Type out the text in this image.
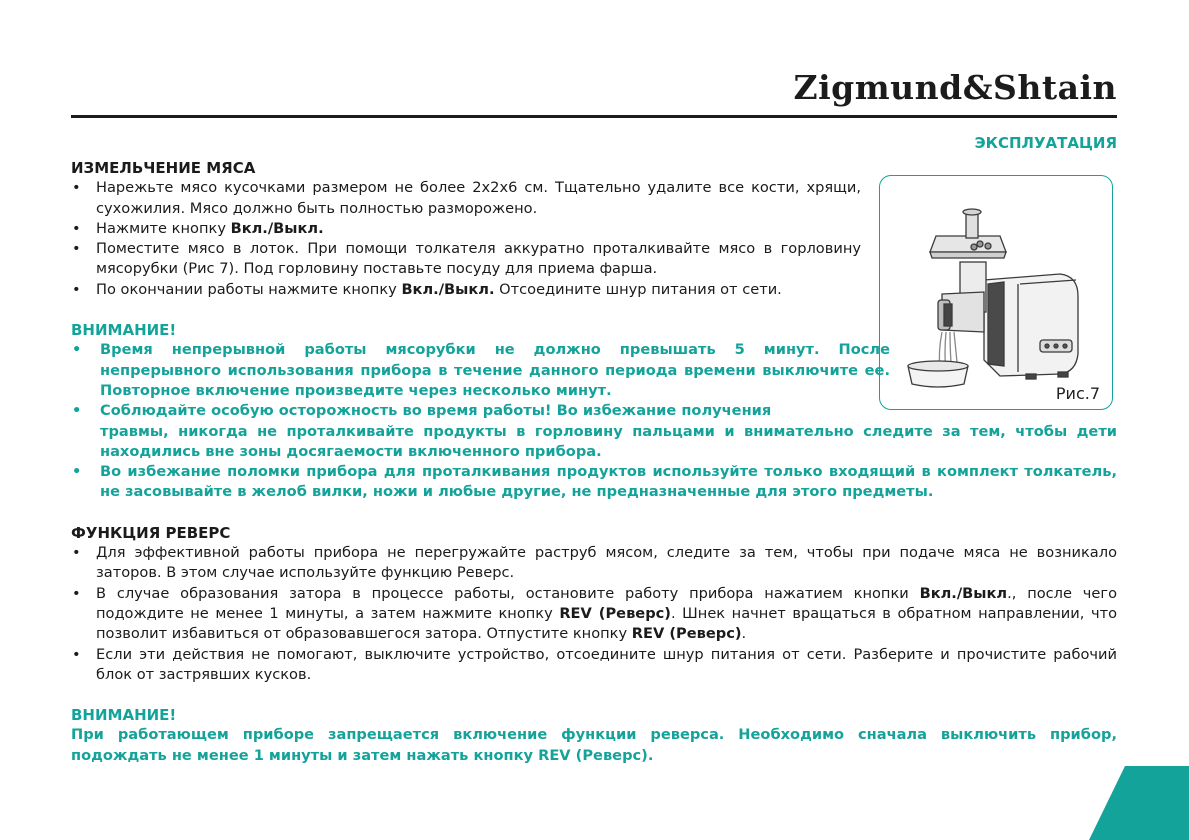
Zigmund&Shtain
ЭКСПЛУАТАЦИЯ
Рис.7

ИЗМЕЛЬЧЕНИЕ МЯСА

• Нарежьте мясо кусочками размером не более 2x2x6 см. Тщательно удалите все кости, хрящи, сухожилия. Мясо должно быть полностью разморожено.
• Нажмите кнопку Вкл./Выкл.
• Поместите мясо в лоток. При помощи толкателя аккуратно проталкивайте мясо в горловину мясорубки (Рис 7). Под горловину поставьте посуду для приема фарша.
• По окончании работы нажмите кнопку Вкл./Выкл. Отсоедините шнур питания от сети.

ВНИМАНИЕ!

• Время непрерывной работы мясорубки не должно превышать 5 минут. После непрерывного использования прибора в течение данного периода времени выключите ее. Повторное включение произведите через несколько минут.
• Соблюдайте особую осторожность во время работы! Во избежание получения
травмы, никогда не проталкивайте продукты в горловину пальцами и внимательно следите за тем, чтобы дети находились вне зоны досягаемости включенного прибора.
• Во избежание поломки прибора для проталкивания продуктов используйте только входящий в комплект толкатель, не засовывайте в желоб вилки, ножи и любые другие, не предназначенные для этого предметы.

ФУНКЦИЯ РЕВЕРС

• Для эффективной работы прибора не перегружайте раструб мясом, следите за тем, чтобы при подаче мяса не возникало заторов. В этом случае используйте функцию Реверс.
• В случае образования затора в процессе работы, остановите работу прибора нажатием кнопки Вкл./Выкл., после чего подождите не менее 1 минуты, а затем нажмите кнопку REV (Реверс). Шнек начнет вращаться в обратном направлении, что позволит избавиться от образовавшегося затора. Отпустите кнопку REV (Реверс).
• Если эти действия не помогают, выключите устройство, отсоедините шнур питания от сети. Разберите и прочистите рабочий блок от застрявших кусков.

ВНИМАНИЕ!

При работающем приборе запрещается включение функции реверса. Необходимо сначала выключить прибор, подождать не менее 1 минуты и затем нажать кнопку REV (Реверс).
